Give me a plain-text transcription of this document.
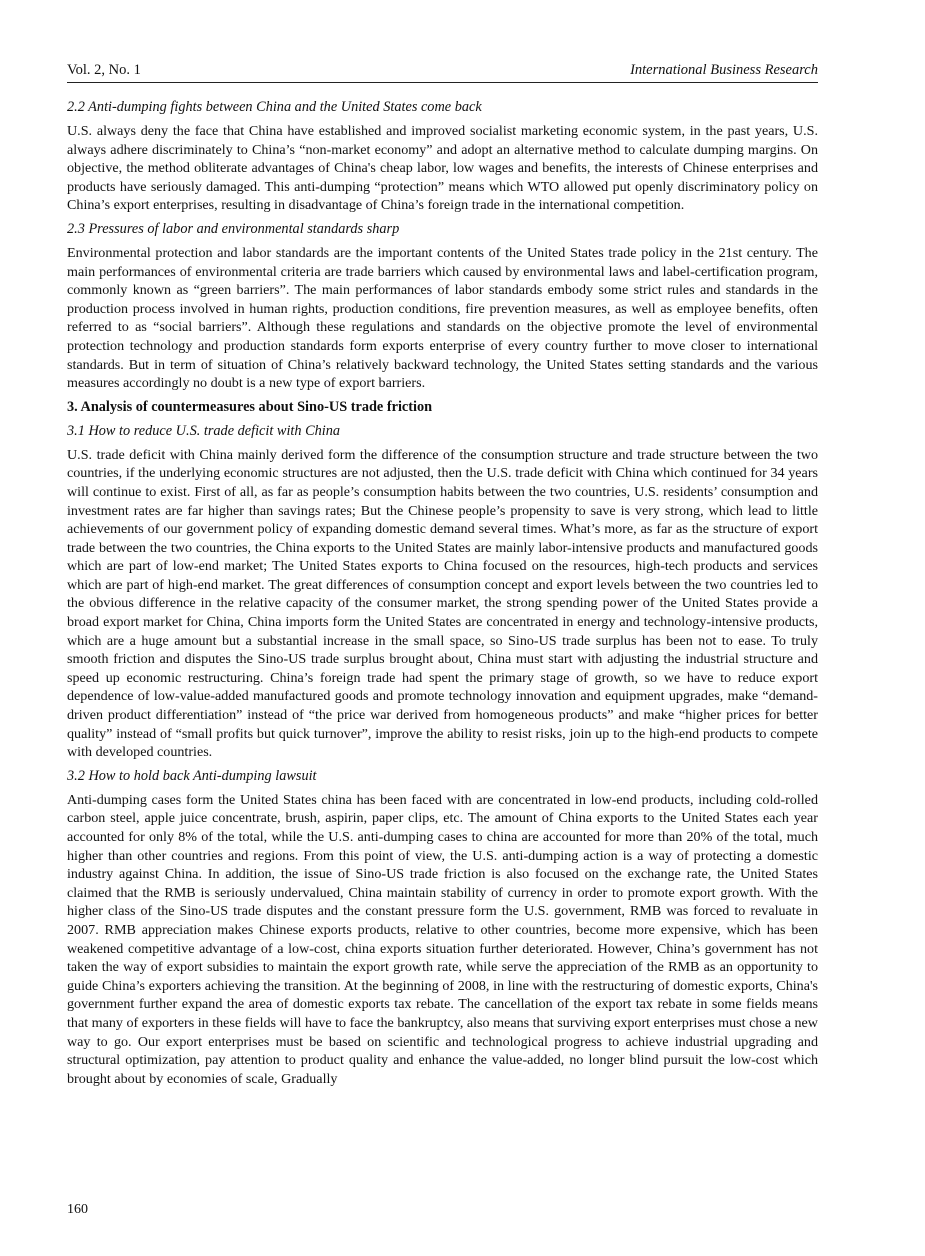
Vol. 2, No. 1	International Business Research
2.2 Anti-dumping fights between China and the United States come back

U.S. always deny the face that China have established and improved socialist marketing economic system, in the past years, U.S. always adhere discriminately to China’s “non-market economy” and adopt an alternative method to calculate dumping margins. On objective, the method obliterate advantages of China's cheap labor, low wages and benefits, the interests of Chinese enterprises and products have seriously damaged. This anti-dumping “protection” means which WTO allowed put openly discriminatory policy on China’s export enterprises, resulting in disadvantage of China’s foreign trade in the international competition.

2.3 Pressures of labor and environmental standards sharp

Environmental protection and labor standards are the important contents of the United States trade policy in the 21st century. The main performances of environmental criteria are trade barriers which caused by environmental laws and label-certification program, commonly known as “green barriers”. The main performances of labor standards embody some strict rules and standards in the production process involved in human rights, production conditions, fire prevention measures, as well as employee benefits, often referred to as “social barriers”. Although these regulations and standards on the objective promote the level of environmental protection technology and production standards form exports enterprise of every country further to move closer to international standards. But in term of situation of China’s relatively backward technology, the United States setting standards and the various measures accordingly no doubt is a new type of export barriers.

3. Analysis of countermeasures about Sino-US trade friction
3.1 How to reduce U.S. trade deficit with China

U.S. trade deficit with China mainly derived form the difference of the consumption structure and trade structure between the two countries, if the underlying economic structures are not adjusted, then the U.S. trade deficit with China which continued for 34 years will continue to exist. First of all, as far as people’s consumption habits between the two countries, U.S. residents’ consumption and investment rates are far higher than savings rates; But the Chinese people’s propensity to save is very strong, which lead to little achievements of our government policy of expanding domestic demand several times. What’s more, as far as the structure of export trade between the two countries, the China exports to the United States are mainly labor-intensive products and manufactured goods which are part of low-end market; The United States exports to China focused on the resources, high-tech products and services which are part of high-end market. The great differences of consumption concept and export levels between the two countries led to the obvious difference in the relative capacity of the consumer market, the strong spending power of the United States provide a broad export market for China, China imports form the United States are concentrated in energy and technology-intensive products, which are a huge amount but a substantial increase in the small space, so Sino-US trade surplus has been not to ease. To truly smooth friction and disputes the Sino-US trade surplus brought about, China must start with adjusting the industrial structure and speed up economic restructuring. China’s foreign trade had spent the primary stage of growth, so we have to reduce export dependence of low-value-added manufactured goods and promote technology innovation and equipment upgrades, make “demand-driven product differentiation” instead of “the price war derived from homogeneous products” and make “higher prices for better quality” instead of “small profits but quick turnover”, improve the ability to resist risks, join up to the high-end products to compete with developed countries.

3.2 How to hold back Anti-dumping lawsuit

Anti-dumping cases form the United States china has been faced with are concentrated in low-end products, including cold-rolled carbon steel, apple juice concentrate, brush, aspirin, paper clips, etc. The amount of China exports to the United States each year accounted for only 8% of the total, while the U.S. anti-dumping cases to china are accounted for more than 20% of the total, much higher than other countries and regions. From this point of view, the U.S. anti-dumping action is a way of protecting a domestic industry against China. In addition, the issue of Sino-US trade friction is also focused on the exchange rate, the United States claimed that the RMB is seriously undervalued, China maintain stability of currency in order to promote export growth. With the higher class of the Sino-US trade disputes and the constant pressure form the U.S. government, RMB was forced to revaluate in 2007. RMB appreciation makes Chinese exports products, relative to other countries, become more expensive, which has been weakened competitive advantage of a low-cost, china exports situation further deteriorated. However, China’s government has not taken the way of export subsidies to maintain the export growth rate, while serve the appreciation of the RMB as an opportunity to guide China’s exporters achieving the transition. At the beginning of 2008, in line with the restructuring of domestic exports, China's government further expand the area of domestic exports tax rebate. The cancellation of the export tax rebate in some fields means that many of exporters in these fields will have to face the bankruptcy, also means that surviving export enterprises must chose a new way to go. Our export enterprises must be based on scientific and technological progress to achieve industrial upgrading and structural optimization, pay attention to product quality and enhance the value-added, no longer blind pursuit the low-cost which brought about by economies of scale, Gradually

160
